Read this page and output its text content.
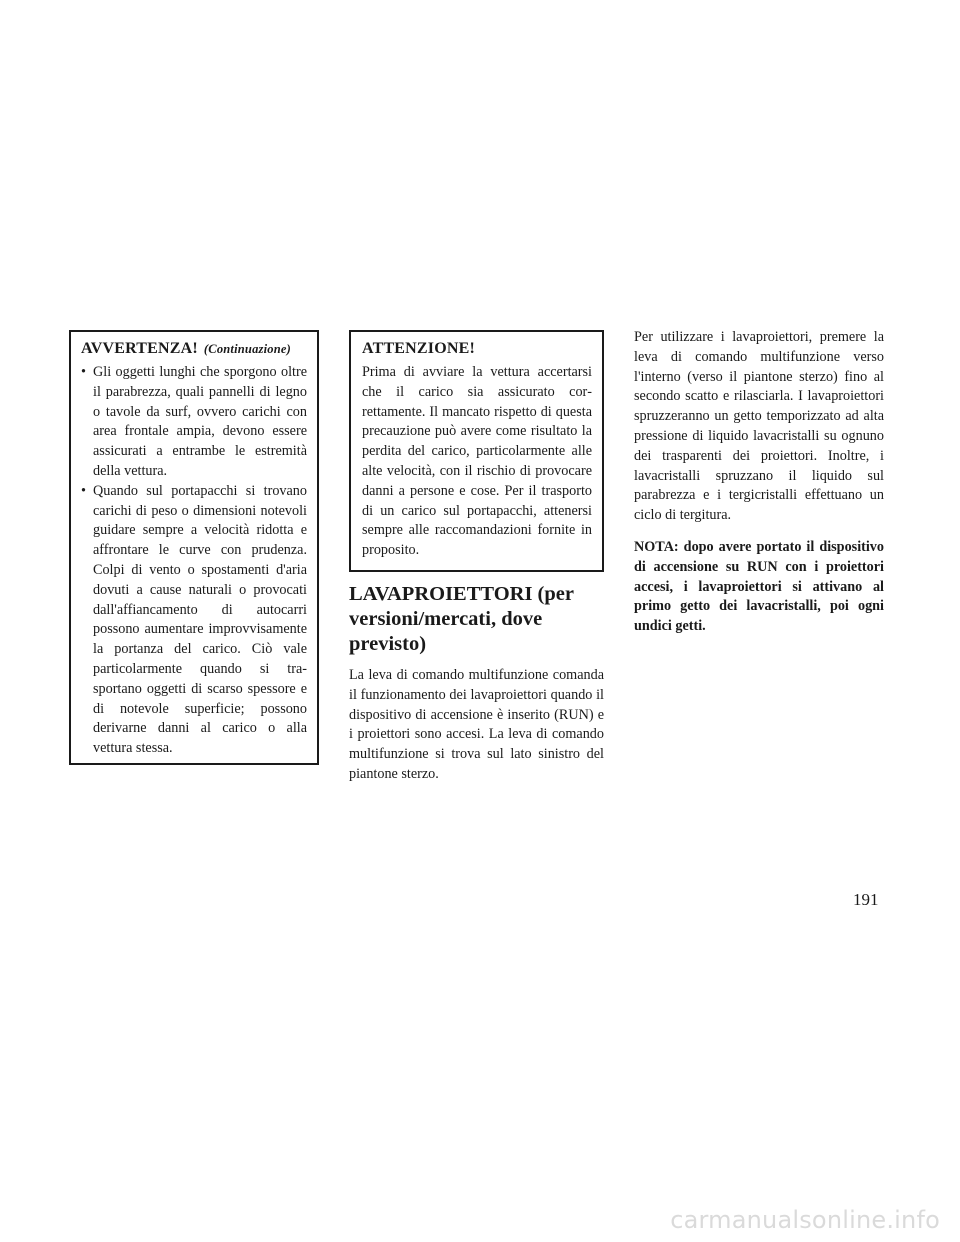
AVVERTENZA! (Continuazione)
• Gli oggetti lunghi che sporgono oltre il parabrezza, quali pannelli di legno o tavole da surf, ovvero carichi con area frontale ampia, devono essere assicurati a entrambe le estremità della vettura.
• Quando sul portapacchi si trovano carichi di peso o dimensioni notevoli guidare sempre a velocità ridotta e affrontare le curve con prudenza. Colpi di vento o spostamenti d'aria dovuti a cause naturali o provocati dall'affiancamento di autocarri possono aumentare improvvisamente la portanza del carico. Ciò vale particolarmente quando si trasportano oggetti di scarso spessore e di notevole superficie; possono derivarne danni al carico o alla vettura stessa.
ATTENZIONE!

Prima di avviare la vettura accertarsi che il carico sia assicurato correttamente. Il mancato rispetto di questa precauzione può avere come risultato la perdita del carico, particolarmente alle alte velocità, con il rischio di provocare danni a persone e cose. Per il trasporto di un carico sul portapacchi, attenersi sempre alle raccomandazioni fornite in proposito.

LAVAPROIETTORI (per versioni/mercati, dove previsto)

La leva di comando multifunzione comanda il funzionamento dei lavaproiettori quando il dispositivo di accensione è inserito (RUN) e i proiettori sono accesi. La leva di comando multifunzione si trova sul lato sinistro del piantone sterzo.

Per utilizzare i lavaproiettori, premere la leva di comando multifunzione verso l'interno (verso il piantone sterzo) fino al secondo scatto e rilasciarla. I lavaproiettori spruzzeranno un getto temporizzato ad alta pressione di liquido lavacristalli su ognuno dei trasparenti dei proiettori. Inoltre, i lavacristalli spruzzano il liquido sul parabrezza e i tergicristalli effettuano un ciclo di tergitura.

NOTA: dopo avere portato il dispositivo di accensione su RUN con i proiettori accesi, i lavaproiettori si attivano al primo getto dei lavacristalli, poi ogni undici getti.

191
carmanualsonline.info
